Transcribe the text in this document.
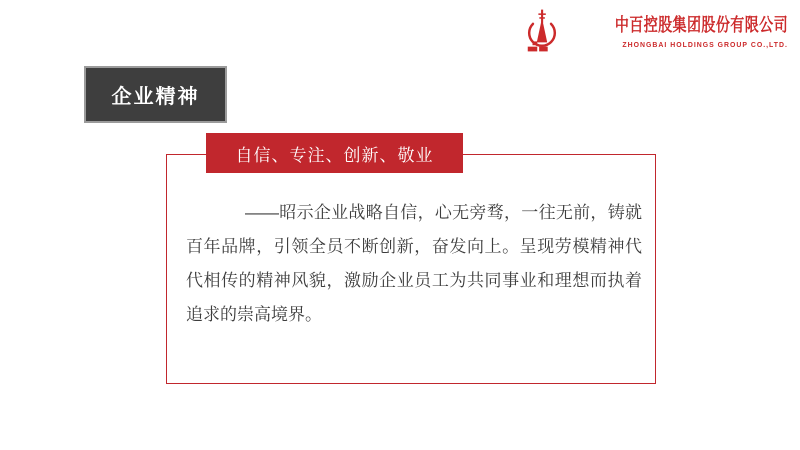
中百控股集团股份有限公司
ZHONGBAI HOLDINGS GROUP CO.,LTD.
企业精神
自信、专注、创新、敬业

——昭示企业战略自信，心无旁骛，一往无前，铸就百年品牌，引领全员不断创新，奋发向上。呈现劳模精神代代相传的精神风貌，激励企业员工为共同事业和理想而执着追求的崇高境界。
